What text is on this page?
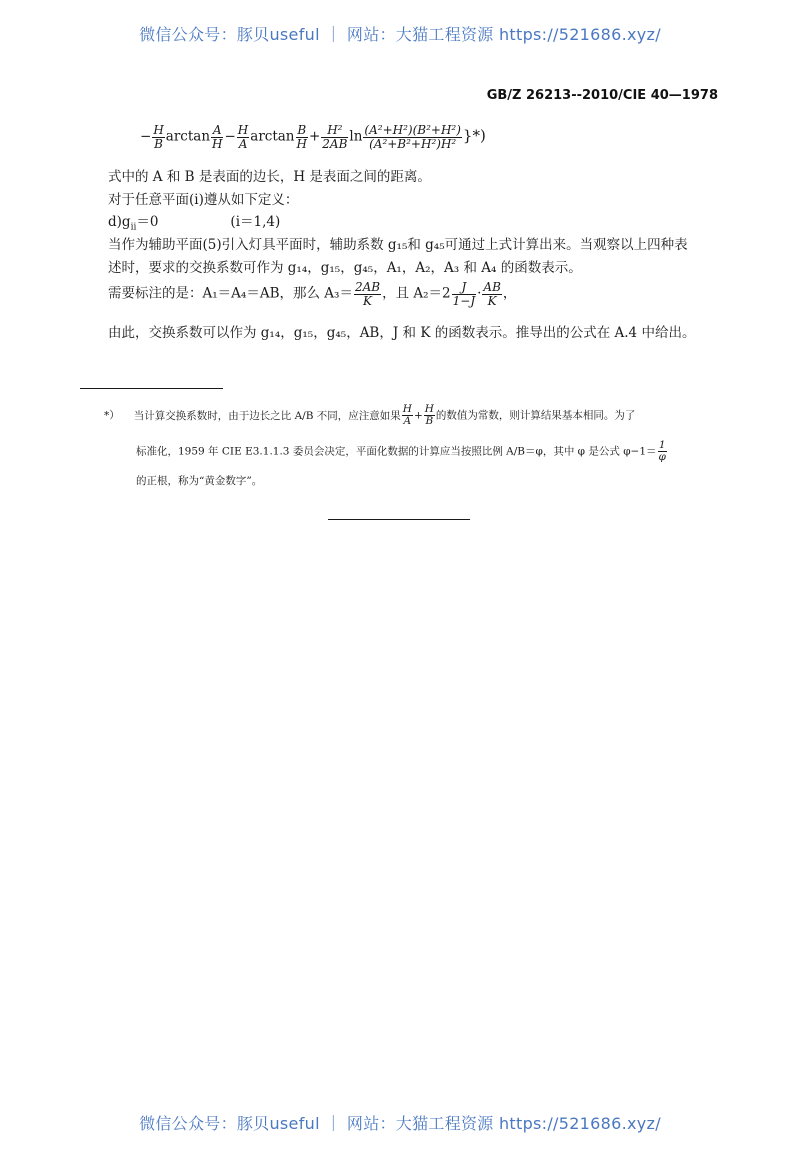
微信公众号：豚贝useful ｜ 网站：大猫工程资源 https://521686.xyz/
GB/Z 26213--2010/CIE 40—1978
− $\frac{H}{B}$ $\arctan \frac{A}{H} - \frac{H}{A}$ $\arctan \frac{B}{H} + \frac{\text{H²}}{2AB}$ $\ln \frac{\text{(A²+H²)(B²+H²)}}{\text{(A²+B²+H²)H²}}$ }*)
式中的 A 和 B 是表面的边长，H 是表面之间的距离。
对于任意平面(i)遵从如下定义：
$d)g_{ii}=0$	(i＝1,4)
当作为辅助平面(5)引入灯具平面时，辅助系数 g₁₅和 g₄₅可通过上式计算出来。当观察以上四种表
述时，要求的交换系数可作为 g₁₄，g₁₅，g₄₅，A₁，A₂，A₃ 和 A₄ 的函数表示。
需要标注的是：A₁＝A₄＝AB，那么 $A_3= \frac{2AB}{K}$ ，且 $A_2=2 \frac{J}{1-J} \cdot \frac{AB}{K}$ ，
由此，交换系数可以作为 g₁₄，g₁₅，g₄₅，AB，J 和 K 的函数表示。推导出的公式在 A.4 中给出。
*） 当计算交换系数时，由于边长之比 A/B 不同，应注意如果 $\frac{H}{A} + \frac{H}{B}$ 的数值为常数，则计算结果基本相同。为了
标准化，1959 年 CIE E3.1.1.3 委员会决定，平面化数据的计算应当按照比例 A/B＝φ，其中 φ 是公式 $\varphi-1= \frac{1}{\varphi}$
的正根，称为“黄金数字”。
微信公众号：豚贝useful ｜ 网站：大猫工程资源 https://521686.xyz/
